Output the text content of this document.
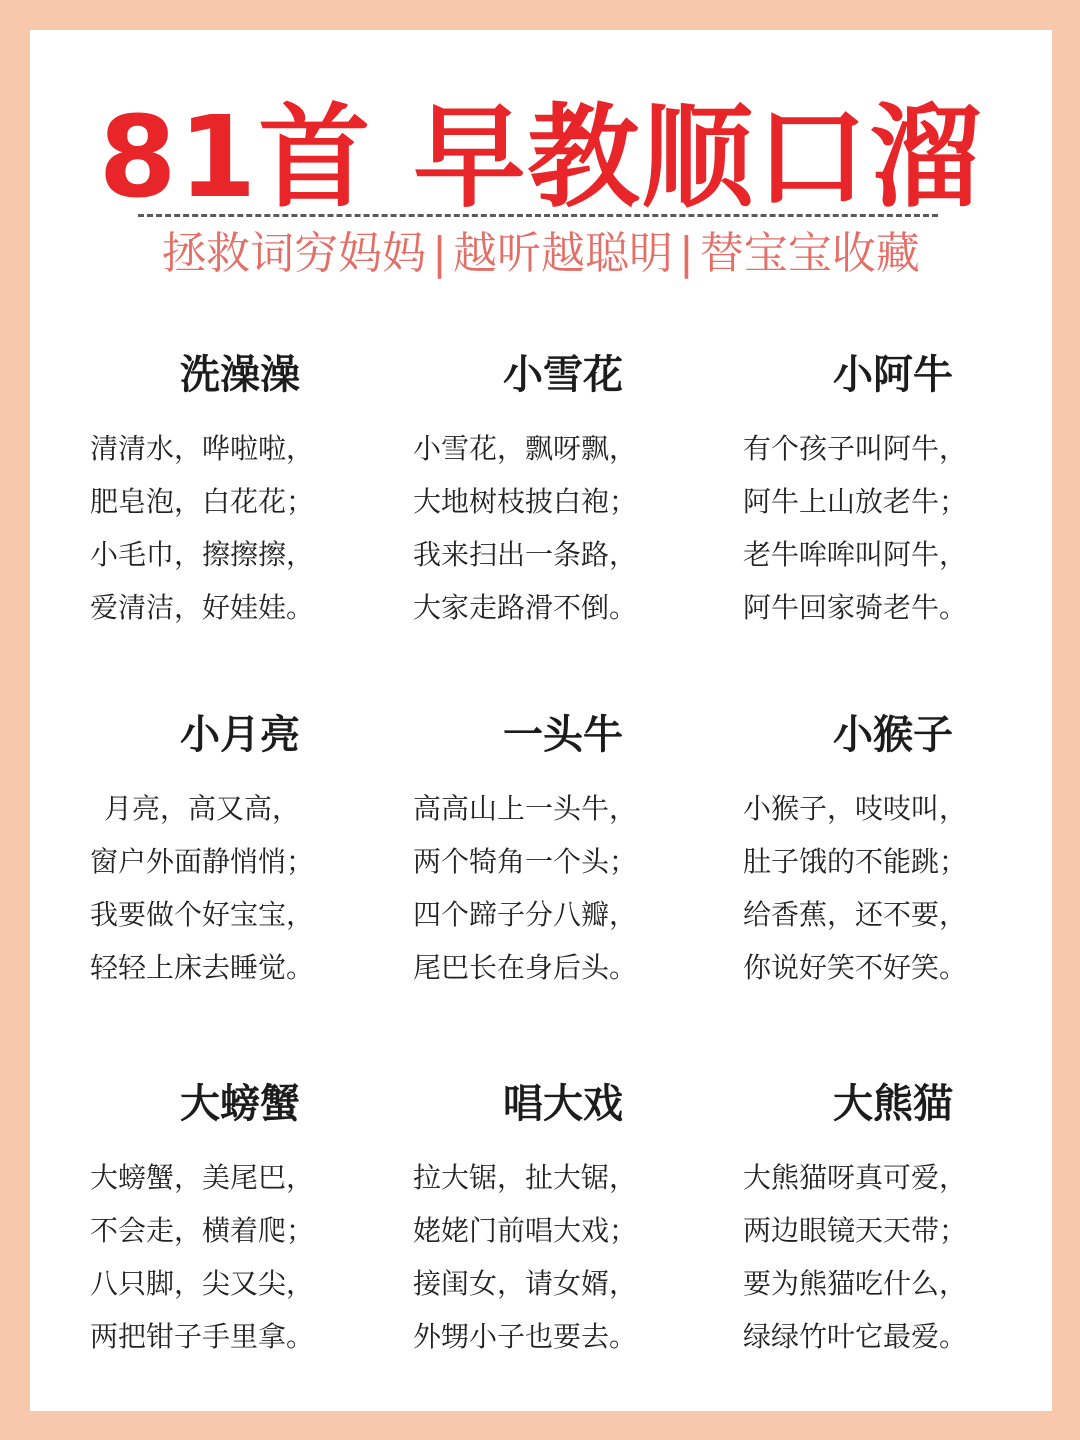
81首 早教顺口溜
拯救词穷妈妈 | 越听越聪明 | 替宝宝收藏
洗澡澡
清清水，哗啦啦，
肥皂泡，白花花；
小毛巾，擦擦擦，
爱清洁，好娃娃。
小雪花
小雪花，飘呀飘，
大地树枝披白袍；
我来扫出一条路，
大家走路滑不倒。
小阿牛
有个孩子叫阿牛，
阿牛上山放老牛；
老牛哞哞叫阿牛，
阿牛回家骑老牛。
小月亮
月亮，高又高，
窗户外面静悄悄；
我要做个好宝宝，
轻轻上床去睡觉。
一头牛
高高山上一头牛，
两个犄角一个头；
四个蹄子分八瓣，
尾巴长在身后头。
小猴子
小猴子，吱吱叫，
肚子饿的不能跳；
给香蕉，还不要，
你说好笑不好笑。
大螃蟹
大螃蟹，美尾巴，
不会走，横着爬；
八只脚，尖又尖，
两把钳子手里拿。
唱大戏
拉大锯，扯大锯，
姥姥门前唱大戏；
接闺女，请女婿，
外甥小子也要去。
大熊猫
大熊猫呀真可爱，
两边眼镜天天带；
要为熊猫吃什么，
绿绿竹叶它最爱。
